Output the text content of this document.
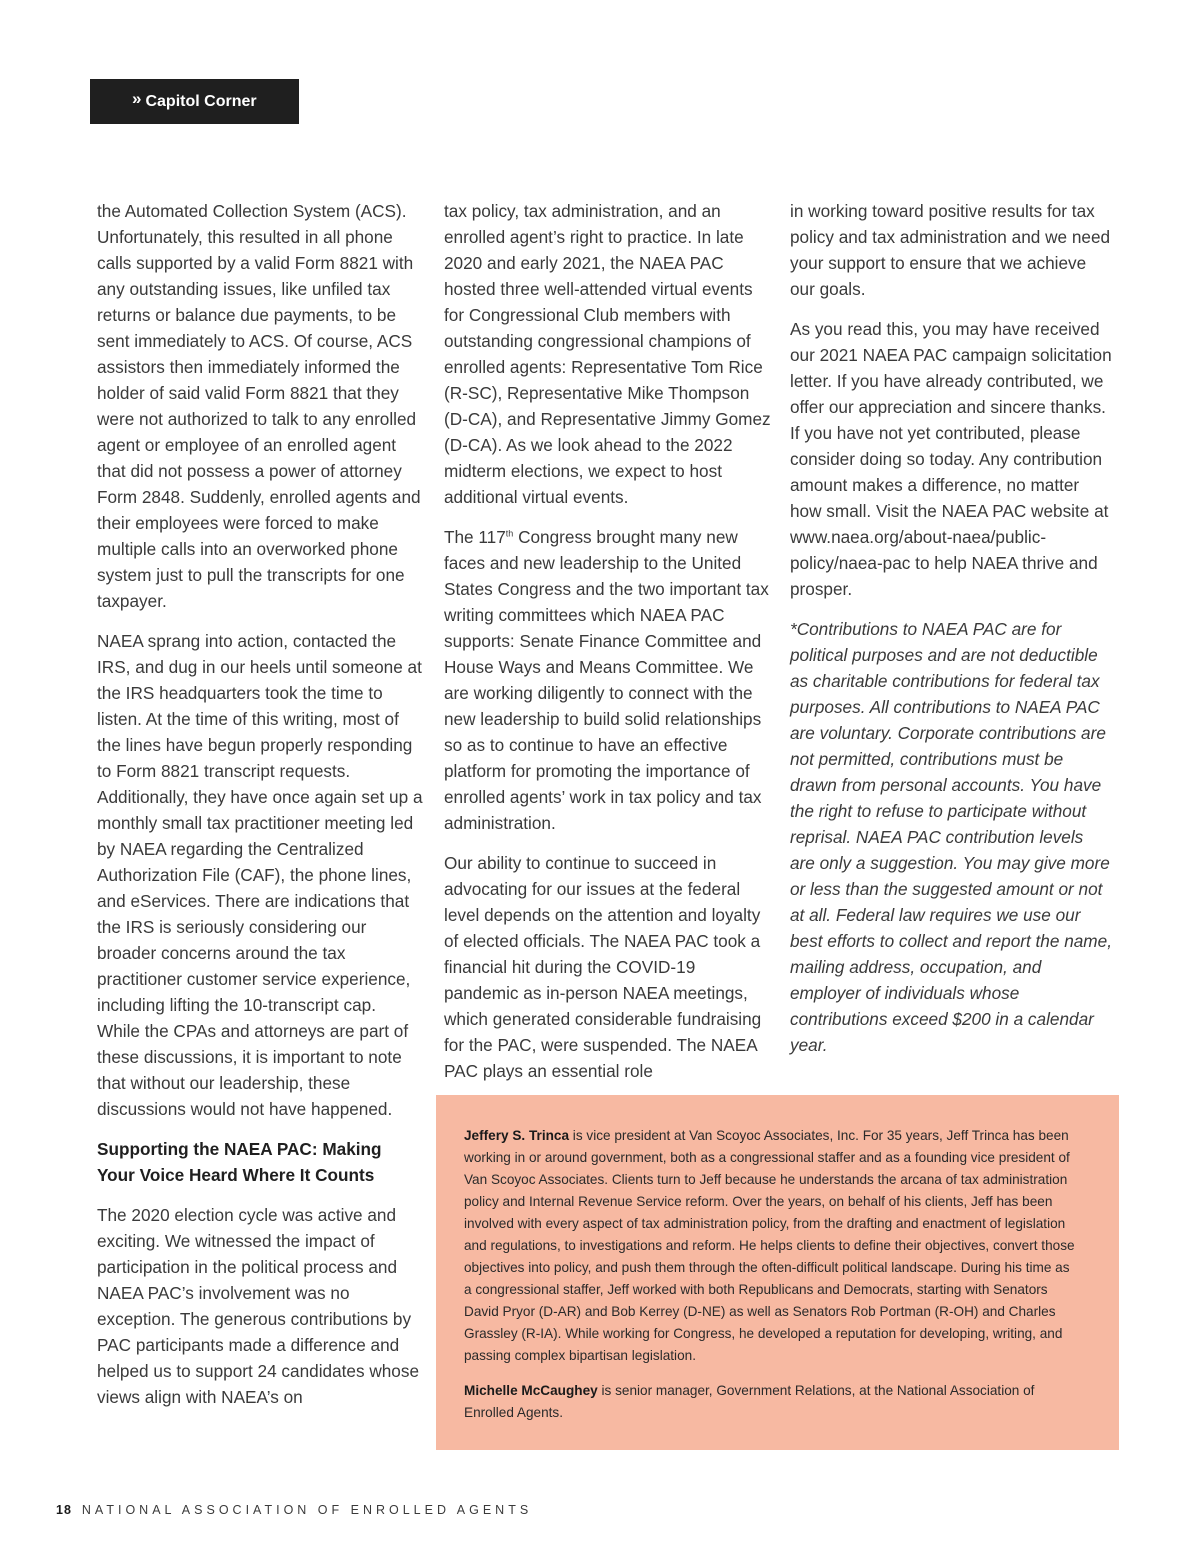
» Capitol Corner

the Automated Collection System (ACS). Unfortunately, this resulted in all phone calls supported by a valid Form 8821 with any outstanding issues, like unfiled tax returns or balance due payments, to be sent immediately to ACS. Of course, ACS assistors then immediately informed the holder of said valid Form 8821 that they were not authorized to talk to any enrolled agent or employee of an enrolled agent that did not possess a power of attorney Form 2848. Suddenly, enrolled agents and their employees were forced to make multiple calls into an overworked phone system just to pull the transcripts for one taxpayer.

NAEA sprang into action, contacted the IRS, and dug in our heels until someone at the IRS headquarters took the time to listen. At the time of this writing, most of the lines have begun properly responding to Form 8821 transcript requests. Additionally, they have once again set up a monthly small tax practitioner meeting led by NAEA regarding the Centralized Authorization File (CAF), the phone lines, and eServices. There are indications that the IRS is seriously considering our broader concerns around the tax practitioner customer service experience, including lifting the 10-transcript cap. While the CPAs and attorneys are part of these discussions, it is important to note that without our leadership, these discussions would not have happened.

Supporting the NAEA PAC: Making Your Voice Heard Where It Counts

The 2020 election cycle was active and exciting. We witnessed the impact of participation in the political process and NAEA PAC’s involvement was no exception. The generous contributions by PAC participants made a difference and helped us to support 24 candidates whose views align with NAEA’s on

tax policy, tax administration, and an enrolled agent’s right to practice. In late 2020 and early 2021, the NAEA PAC hosted three well-attended virtual events for Congressional Club members with outstanding congressional champions of enrolled agents: Representative Tom Rice (R-SC), Representative Mike Thompson (D-CA), and Representative Jimmy Gomez (D-CA). As we look ahead to the 2022 midterm elections, we expect to host additional virtual events.

The 117th Congress brought many new faces and new leadership to the United States Congress and the two important tax writing committees which NAEA PAC supports: Senate Finance Committee and House Ways and Means Committee. We are working diligently to connect with the new leadership to build solid relationships so as to continue to have an effective platform for promoting the importance of enrolled agents’ work in tax policy and tax administration.

Our ability to continue to succeed in advocating for our issues at the federal level depends on the attention and loyalty of elected officials. The NAEA PAC took a financial hit during the COVID-19 pandemic as in-person NAEA meetings, which generated considerable fundraising for the PAC, were suspended. The NAEA PAC plays an essential role

in working toward positive results for tax policy and tax administration and we need your support to ensure that we achieve our goals.

As you read this, you may have received our 2021 NAEA PAC campaign solicitation letter. If you have already contributed, we offer our appreciation and sincere thanks. If you have not yet contributed, please consider doing so today. Any contribution amount makes a difference, no matter how small. Visit the NAEA PAC website at www.naea.org/about-naea/public-policy/naea-pac to help NAEA thrive and prosper.

*Contributions to NAEA PAC are for political purposes and are not deductible as charitable contributions for federal tax purposes. All contributions to NAEA PAC are voluntary. Corporate contributions are not permitted, contributions must be drawn from personal accounts. You have the right to refuse to participate without reprisal. NAEA PAC contribution levels are only a suggestion. You may give more or less than the suggested amount or not at all. Federal law requires we use our best efforts to collect and report the name, mailing address, occupation, and employer of individuals whose contributions exceed $200 in a calendar year.

Jeffery S. Trinca is vice president at Van Scoyoc Associates, Inc. For 35 years, Jeff Trinca has been working in or around government, both as a congressional staffer and as a founding vice president of Van Scoyoc Associates. Clients turn to Jeff because he understands the arcana of tax administration policy and Internal Revenue Service reform. Over the years, on behalf of his clients, Jeff has been involved with every aspect of tax administration policy, from the drafting and enactment of legislation and regulations, to investigations and reform. He helps clients to define their objectives, convert those objectives into policy, and push them through the often-difficult political landscape. During his time as a congressional staffer, Jeff worked with both Republicans and Democrats, starting with Senators David Pryor (D-AR) and Bob Kerrey (D-NE) as well as Senators Rob Portman (R-OH) and Charles Grassley (R-IA). While working for Congress, he developed a reputation for developing, writing, and passing complex bipartisan legislation.

Michelle McCaughey is senior manager, Government Relations, at the National Association of Enrolled Agents.

18 NATIONAL ASSOCIATION OF ENROLLED AGENTS
